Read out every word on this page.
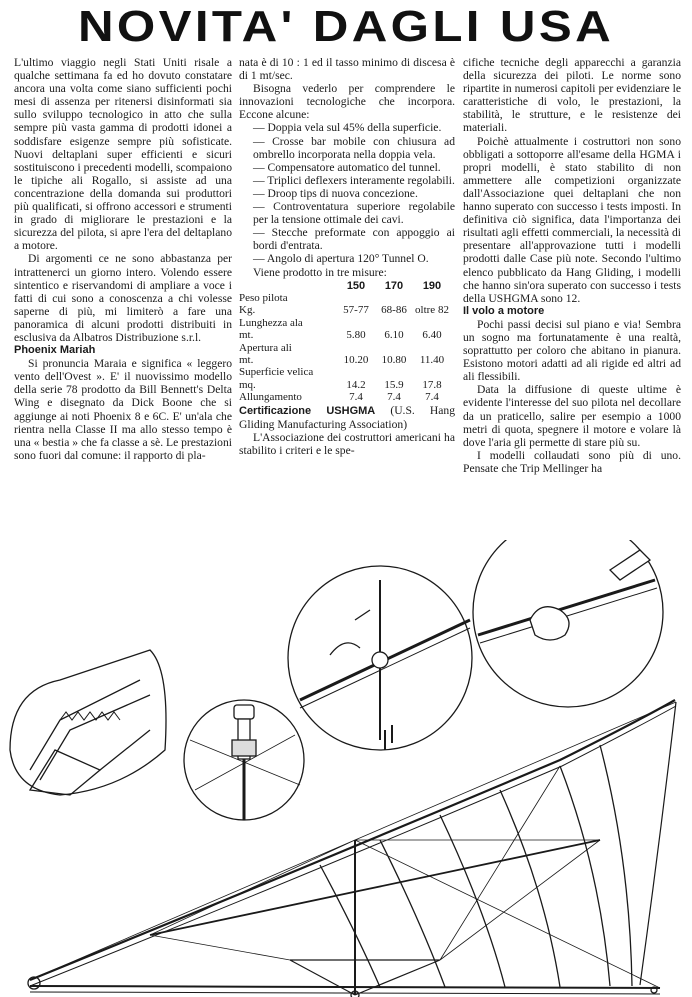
NOVITA' DAGLI USA

L'ultimo viaggio negli Stati Uniti risale a qualche settimana fa ed ho dovuto constatare ancora una volta come siano sufficienti pochi mesi di assenza per ritenersi disinformati sia sullo sviluppo tecnologico in atto che sulla sempre più vasta gamma di prodotti idonei a soddisfare esigenze sempre più sofisticate. Nuovi deltaplani super efficienti e sicuri sostituiscono i precedenti modelli, scompaiono le tipiche ali Rogallo, si assiste ad una concentrazione della domanda sui produttori più qualificati, si offrono accessori e strumenti in grado di migliorare le prestazioni e la sicurezza del pilota, si apre l'era del deltaplano a motore.

Di argomenti ce ne sono abbastanza per intrattenerci un giorno intero. Volendo essere sintentico e riservandomi di ampliare a voce i fatti di cui sono a conoscenza a chi volesse saperne di più, mi limiterò a fare una panoramica di alcuni prodotti distribuiti in esclusiva da Albatros Distribuzione s.r.l.

Phoenix Mariah

Si pronuncia Maraia e significa « leggero vento dell'Ovest ». E' il nuovissimo modello della serie 78 prodotto da Bill Bennett's Delta Wing e disegnato da Dick Boone che si aggiunge ai noti Phoenix 8 e 6C. E' un'ala che rientra nella Classe II ma allo stesso tempo è una « bestia » che fa classe a sè. Le prestazioni sono fuori dal comune: il rapporto di pla-

nata è di 10 : 1 ed il tasso minimo di discesa è di 1 mt/sec.

Bisogna vederlo per comprendere le innovazioni tecnologiche che incorpora. Eccone alcune:

— Doppia vela sul 45% della superficie.

— Crosse bar mobile con chiusura ad ombrello incorporata nella doppia vela.

— Compensatore automatico del tunnel.

— Triplici deflexers interamente regolabili.

— Droop tips di nuova concezione.

— Controventatura superiore regolabile per la tensione ottimale dei cavi.

— Stecche preformate con appoggio ai bordi d'entrata.

— Angolo di apertura 120° Tunnel O.

Viene prodotto in tre misure:

	150	170	190
Peso pilota			
Kg.	57-77	68-86	oltre 82
Lunghezza ala			
mt.	5.80	6.10	6.40
Apertura ali			
mt.	10.20	10.80	11.40
Superficie velica			
mq.	14.2	15.9	17.8
Allungamento	7.4	7.4	7.4

Certificazione USHGMA (U.S. Hang Gliding Manufacturing Association)

L'Associazione dei costruttori americani ha stabilito i criteri e le spe-

cifiche tecniche degli apparecchi a garanzia della sicurezza dei piloti. Le norme sono ripartite in numerosi capitoli per evidenziare le caratteristiche di volo, le prestazioni, la stabilità, le strutture, e le resistenze dei materiali.

Poichè attualmente i costruttori non sono obbligati a sottoporre all'esame della HGMA i propri modelli, è stato stabilito di non ammettere alle competizioni organizzate dall'Associazione quei deltaplani che non hanno superato con successo i tests imposti. In definitiva ciò significa, data l'importanza dei risultati agli effetti commerciali, la necessità di presentare all'approvazione tutti i modelli prodotti dalle Case più note. Secondo l'ultimo elenco pubblicato da Hang Gliding, i modelli che hanno sin'ora superato con successo i tests della USHGMA sono 12.

Il volo a motore

Pochi passi decisi sul piano e via! Sembra un sogno ma fortunatamente è una realtà, soprattutto per coloro che abitano in pianura. Esistono motori adatti ad ali rigide ed altri ad ali flessibili.

Data la diffusione di queste ultime è evidente l'interesse del suo pilota nel decollare da un praticello, salire per esempio a 1000 metri di quota, spegnere il motore e volare là dove l'aria gli permette di stare più su.

I modelli collaudati sono più di uno. Pensate che Trip Mellinger ha
